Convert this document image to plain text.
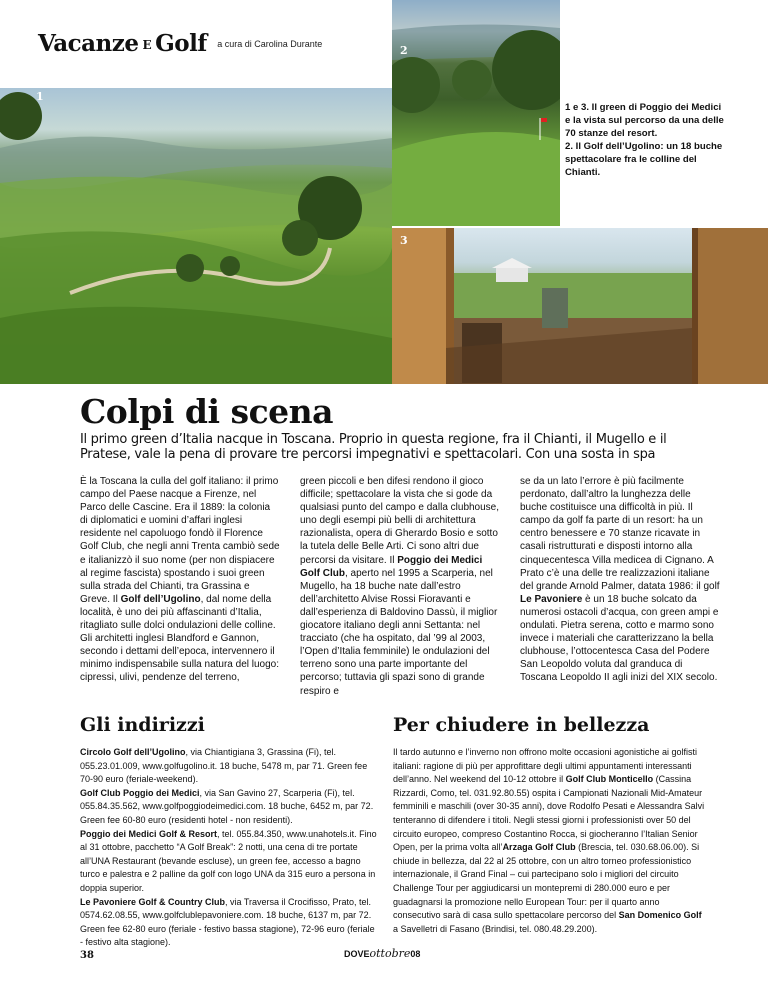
Vacanze E Golf $^{a cura di Carolina Durante}$
1
2
3

1 e 3. Il green di Poggio dei Medici e la vista sul percorso da una delle 70 stanze del resort.

2. Il Golf dell’Ugolino: un 18 buche spettacolare fra le colline del Chianti.

Colpi di scena

Il primo green d’Italia nacque in Toscana. Proprio in questa regione, fra il Chianti, il Mugello e il Pratese, vale la pena di provare tre percorsi impegnativi e spettacolari. Con una sosta in spa

È la Toscana la culla del golf italiano: il primo campo del Paese nacque a Firenze, nel Parco delle Cascine. Era il 1889: la colonia di diplomatici e uomini d’affari inglesi residente nel capoluogo fondò il Florence Golf Club, che negli anni Trenta cambiò sede e italianizzò il suo nome (per non dispiacere al regime fascista) spostando i suoi green sulla strada del Chianti, tra Grassina e Greve. Il Golf dell’Ugolino, dal nome della località, è uno dei più affascinanti d’Italia, ritagliato sulle dolci ondulazioni delle colline. Gli architetti inglesi Blandford e Gannon, secondo i dettami dell’epoca, intervennero il minimo indispensabile sulla natura del luogo: cipressi, ulivi, pendenze del terreno,
green piccoli e ben difesi rendono il gioco difficile; spettacolare la vista che si gode da qualsiasi punto del campo e dalla clubhouse, uno degli esempi più belli di architettura razionalista, opera di Gherardo Bosio e sotto la tutela delle Belle Arti. Ci sono altri due percorsi da visitare. Il Poggio dei Medici Golf Club, aperto nel 1995 a Scarperia, nel Mugello, ha 18 buche nate dall’estro dell’architetto Alvise Rossi Fioravanti e dall’esperienza di Baldovino Dassù, il miglior giocatore italiano degli anni Settanta: nel tracciato (che ha ospitato, dal ’99 al 2003, l’Open d’Italia femminile) le ondulazioni del terreno sono una parte importante del percorso; tuttavia gli spazi sono di grande respiro e
se da un lato l’errore è più facilmente perdonato, dall’altro la lunghezza delle buche costituisce una difficoltà in più. Il campo da golf fa parte di un resort: ha un centro benessere e 70 stanze ricavate in casali ristrutturati e disposti intorno alla cinquecentesca Villa medicea di Cignano. A Prato c’è una delle tre realizzazioni italiane del grande Arnold Palmer, datata 1986: il golf Le Pavoniere è un 18 buche solcato da numerosi ostacoli d’acqua, con green ampi e ondulati. Pietra serena, cotto e marmo sono invece i materiali che caratterizzano la bella clubhouse, l’ottocentesca Casa del Podere San Leopoldo voluta dal granduca di Toscana Leopoldo II agli inizi del XIX secolo.
Gli indirizzi	Per chiudere in bellezza
Circolo Golf dell’Ugolino, via Chiantigiana 3, Grassina (Fi), tel. 055.23.01.009, www.golfugolino.it. 18 buche, 5478 m, par 71. Green fee 70-90 euro (feriale-weekend).
Golf Club Poggio dei Medici, via San Gavino 27, Scarperia (Fi), tel. 055.84.35.562, www.golfpoggiodeimedici.com. 18 buche, 6452 m, par 72. Green fee 60-80 euro (residenti hotel - non residenti).
Poggio dei Medici Golf & Resort, tel. 055.84.350, www.unahotels.it. Fino al 31 ottobre, pacchetto “A Golf Break”: 2 notti, una cena di tre portate all’UNA Restaurant (bevande escluse), un green fee, accesso a bagno turco e palestra e 2 palline da golf con logo UNA da 315 euro a persona in doppia superior.
Le Pavoniere Golf & Country Club, via Traversa il Crocifisso, Prato, tel. 0574.62.08.55, www.golfclublepavoniere.com. 18 buche, 6137 m, par 72. Green fee 62-80 euro (feriale - festivo bassa stagione), 72-96 euro (feriale - festivo alta stagione).
Il tardo autunno e l’inverno non offrono molte occasioni agonistiche ai golfisti italiani: ragione di più per approfittare degli ultimi appuntamenti interessanti dell’anno. Nel weekend del 10-12 ottobre il Golf Club Monticello (Cassina Rizzardi, Como, tel. 031.92.80.55) ospita i Campionati Nazionali Mid-Amateur femminili e maschili (over 30-35 anni), dove Rodolfo Pesati e Alessandra Salvi tenteranno di difendere i titoli. Negli stessi giorni i professionisti over 50 del circuito europeo, compreso Costantino Rocca, si giocheranno l’Italian Senior Open, per la prima volta all’Arzaga Golf Club (Brescia, tel. 030.68.06.00). Si chiude in bellezza, dal 22 al 25 ottobre, con un altro torneo professionistico internazionale, il Grand Final – cui partecipano solo i migliori del circuito Challenge Tour per aggiudicarsi un montepremi di 280.000 euro e per guadagnarsi la promozione nello European Tour: per il quarto anno consecutivo sarà di casa sullo spettacolare percorso del San Domenico Golf a Savelletri di Fasano (Brindisi, tel. 080.48.29.200).
38	DOVEottobre08
